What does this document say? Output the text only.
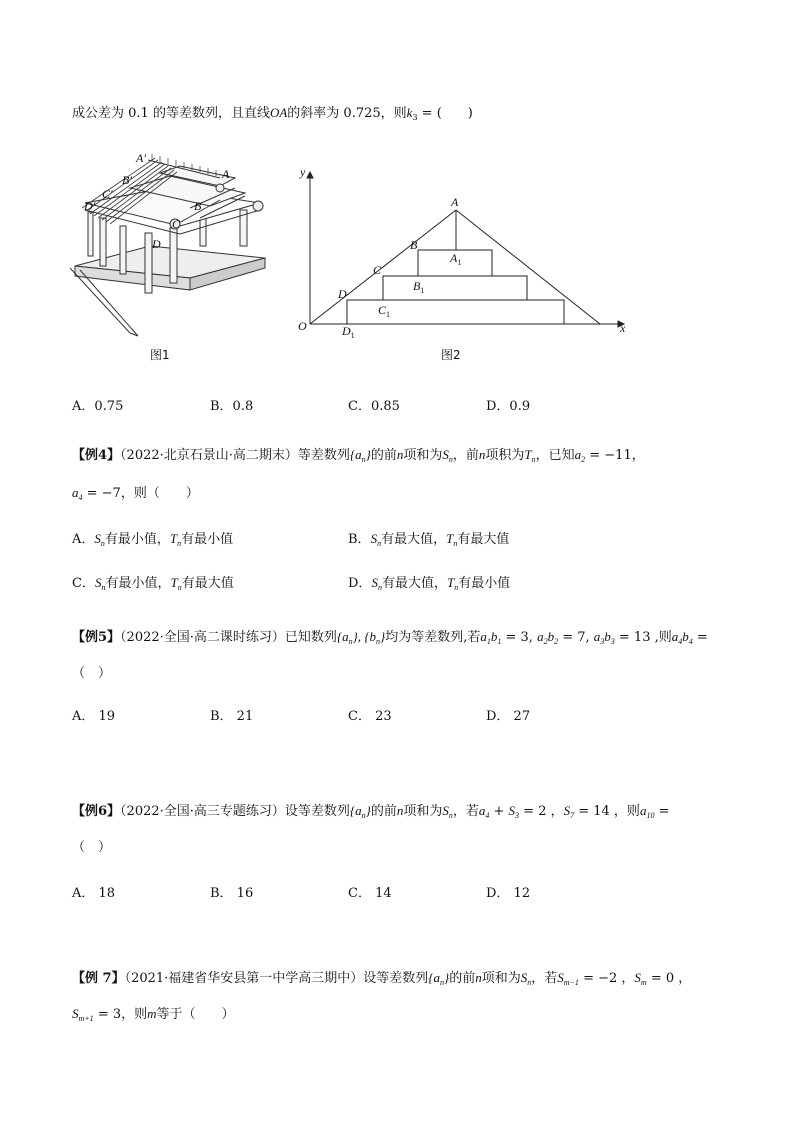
成公差为 0.1 的等差数列，且直线OA的斜率为 0.725，则$k_3$ = (　　)
A′
B′
C′
D′
A
B
C
D
图1
y
x
O
A
B
C
D
$A_1$
$B_1$
$C_1$
$D_1$
图2
A．0.75	B．0.8	C．0.85	D．0.9
【例4】（2022·北京石景山·高二期末）等差数列$\{a_n\}$的前n项和为$S_n$，前n项积为$T_n$，已知$a_2 = -11$，
$a_4 = -7$，则（　　）
A．$S_n$有最小值，$T_n$有最小值	B．$S_n$有最大值，$T_n$有最大值
C．$S_n$有最小值，$T_n$有最大值	D．$S_n$有最大值，$T_n$有最小值
【例5】（2022·全国·高二课时练习）已知数列$\{a_n\}$, $\{b_n\}$均为等差数列,若$a_1b_1 = 3$, $a_2b_2 = 7$, $a_3b_3 = 13$ ,则$a_4b_4$ =
（　）
A． 19	B． 21	C． 23	D． 27
【例6】（2022·全国·高三专题练习）设等差数列$\{a_n\}$的前n项和为$S_n$，若$a_4 + S_3 = 2$ ，$S_7 = 14$ ，则$a_{10}$ =
（　）
A． 18	B． 16	C． 14	D． 12
【例 7】（2021·福建省华安县第一中学高三期中）设等差数列$\{a_n\}$的前n项和为$S_n$，若$S_{m-1} = -2$ ，$S_m = 0$ ，
$S_{m+1} = 3$，则m等于（　　）
